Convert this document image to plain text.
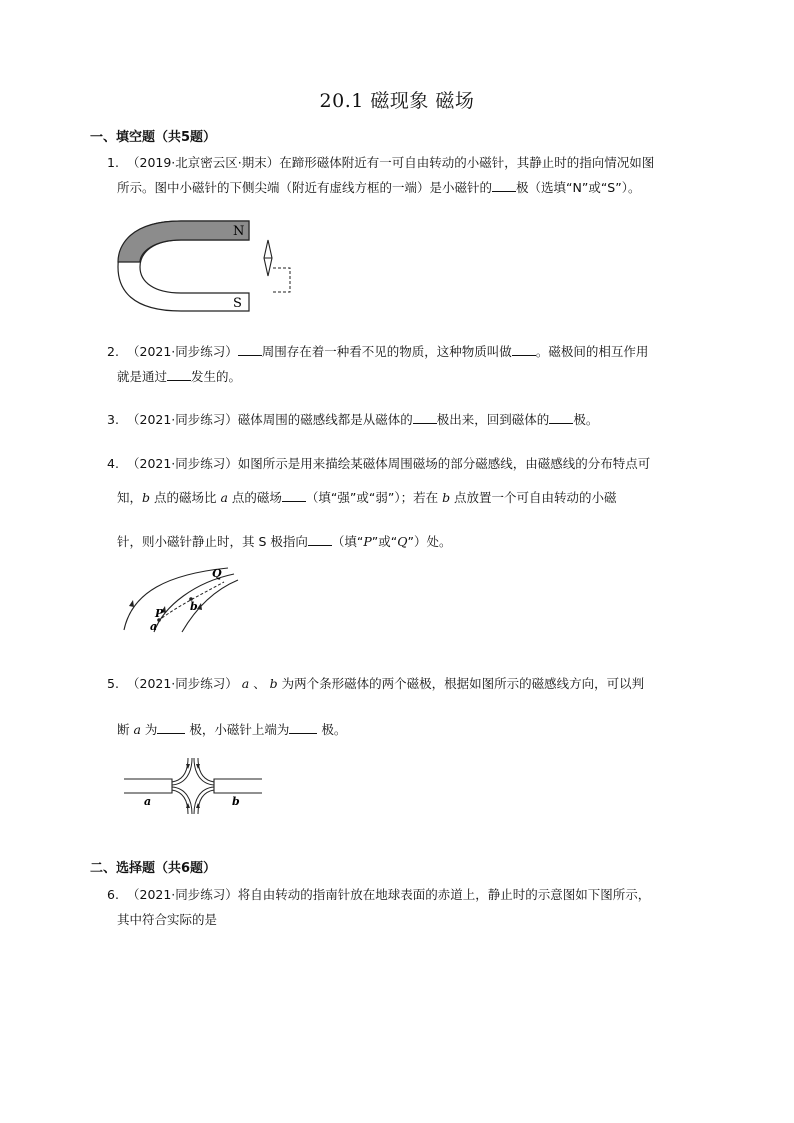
20.1 磁现象 磁场
一、填空题（共5题）
1. （2019·北京密云区·期末）在蹄形磁体附近有一可自由转动的小磁针，其静止时的指向情况如图
所示。图中小磁针的下侧尖端（附近有虚线方框的一端）是小磁针的 极（选填“N”或“S”）。
N
S
2. （2021·同步练习） 周围存在着一种看不见的物质，这种物质叫做 。磁极间的相互作用
就是通过 发生的。
3. （2021·同步练习）磁体周围的磁感线都是从磁体的 极出来，回到磁体的 极。
4. （2021·同步练习）如图所示是用来描绘某磁体周围磁场的部分磁感线，由磁感线的分布特点可
知，b 点的磁场比 a 点的磁场 （填“强”或“弱”）；若在 b 点放置一个可自由转动的小磁
针，则小磁针静止时，其 S 极指向 （填“P”或“Q”）处。
Q
P
b
a
5. （2021·同步练习） a 、 b 为两个条形磁体的两个磁极，根据如图所示的磁感线方向，可以判
断 a 为 极，小磁针上端为 极。
a	b
二、选择题（共6题）
6. （2021·同步练习）将自由转动的指南针放在地球表面的赤道上，静止时的示意图如下图所示，
其中符合实际的是
